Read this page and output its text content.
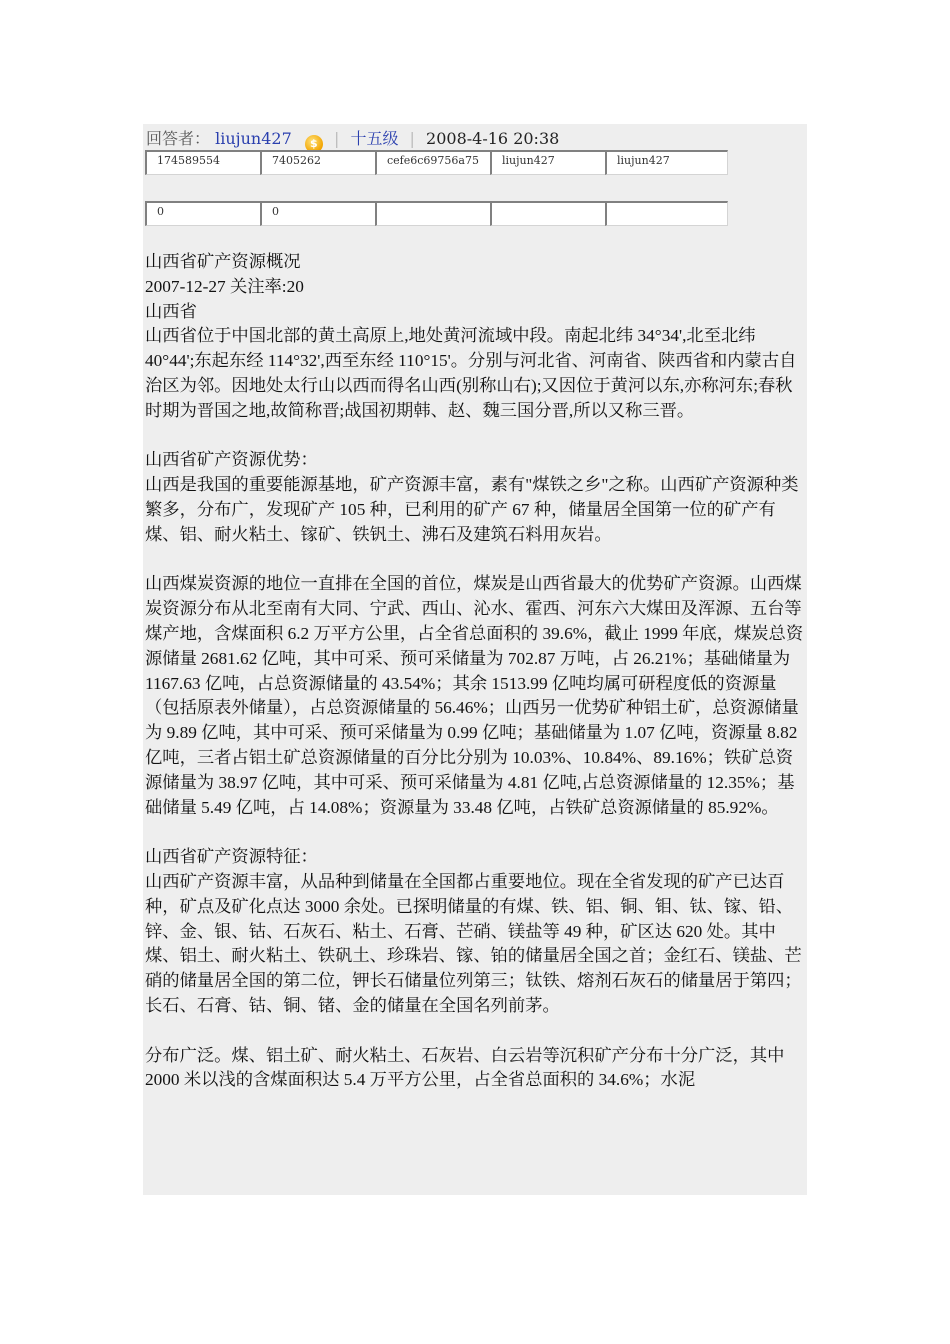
回答者： liujun427 $ | 十五级 | 2008-4-16 20:38
174589554	7405262	cefe6c69756a75	liujun427	liujun427
0	0

山西省矿产资源概况

2007-12-27 关注率:20

山西省

山西省位于中国北部的黄土高原上,地处黄河流域中段。南起北纬 34°34',北至北纬 40°44';东起东经 114°32',西至东经 110°15'。分别与河北省、河南省、陕西省和内蒙古自治区为邻。因地处太行山以西而得名山西(别称山右);又因位于黄河以东,亦称河东;春秋时期为晋国之地,故简称晋;战国初期韩、赵、魏三国分晋,所以又称三晋。

山西省矿产资源优势：

山西是我国的重要能源基地，矿产资源丰富，素有"煤铁之乡"之称。山西矿产资源种类繁多，分布广，发现矿产 105 种，已利用的矿产 67 种，储量居全国第一位的矿产有煤、铝、耐火粘土、镓矿、铁钒土、沸石及建筑石料用灰岩。

山西煤炭资源的地位一直排在全国的首位，煤炭是山西省最大的优势矿产资源。山西煤炭资源分布从北至南有大同、宁武、西山、沁水、霍西、河东六大煤田及浑源、五台等煤产地，含煤面积 6.2 万平方公里，占全省总面积的 39.6%，截止 1999 年底，煤炭总资源储量 2681.62 亿吨，其中可采、预可采储量为 702.87 万吨，占 26.21%；基础储量为 1167.63 亿吨，占总资源储量的 43.54%；其余 1513.99 亿吨均属可研程度低的资源量（包括原表外储量），占总资源储量的 56.46%；山西另一优势矿种铝土矿，总资源储量为 9.89 亿吨，其中可采、预可采储量为 0.99 亿吨；基础储量为 1.07 亿吨，资源量 8.82 亿吨，三者占铝土矿总资源储量的百分比分别为 10.03%、10.84%、89.16%；铁矿总资源储量为 38.97 亿吨，其中可采、预可采储量为 4.81 亿吨,占总资源储量的 12.35%；基础储量 5.49 亿吨，占 14.08%；资源量为 33.48 亿吨，占铁矿总资源储量的 85.92%。

山西省矿产资源特征：

山西矿产资源丰富，从品种到储量在全国都占重要地位。现在全省发现的矿产已达百种，矿点及矿化点达 3000 余处。已探明储量的有煤、铁、铝、铜、钼、钛、镓、铅、锌、金、银、钴、石灰石、粘土、石膏、芒硝、镁盐等 49 种，矿区达 620 处。其中煤、铝土、耐火粘土、铁矾土、珍珠岩、镓、铂的储量居全国之首；金红石、镁盐、芒硝的储量居全国的第二位，钾长石储量位列第三；钛铁、熔剂石灰石的储量居于第四；长石、石膏、钴、铜、锗、金的储量在全国名列前茅。

分布广泛。煤、铝土矿、耐火粘土、石灰岩、白云岩等沉积矿产分布十分广泛，其中 2000 米以浅的含煤面积达 5.4 万平方公里，占全省总面积的 34.6%；水泥
